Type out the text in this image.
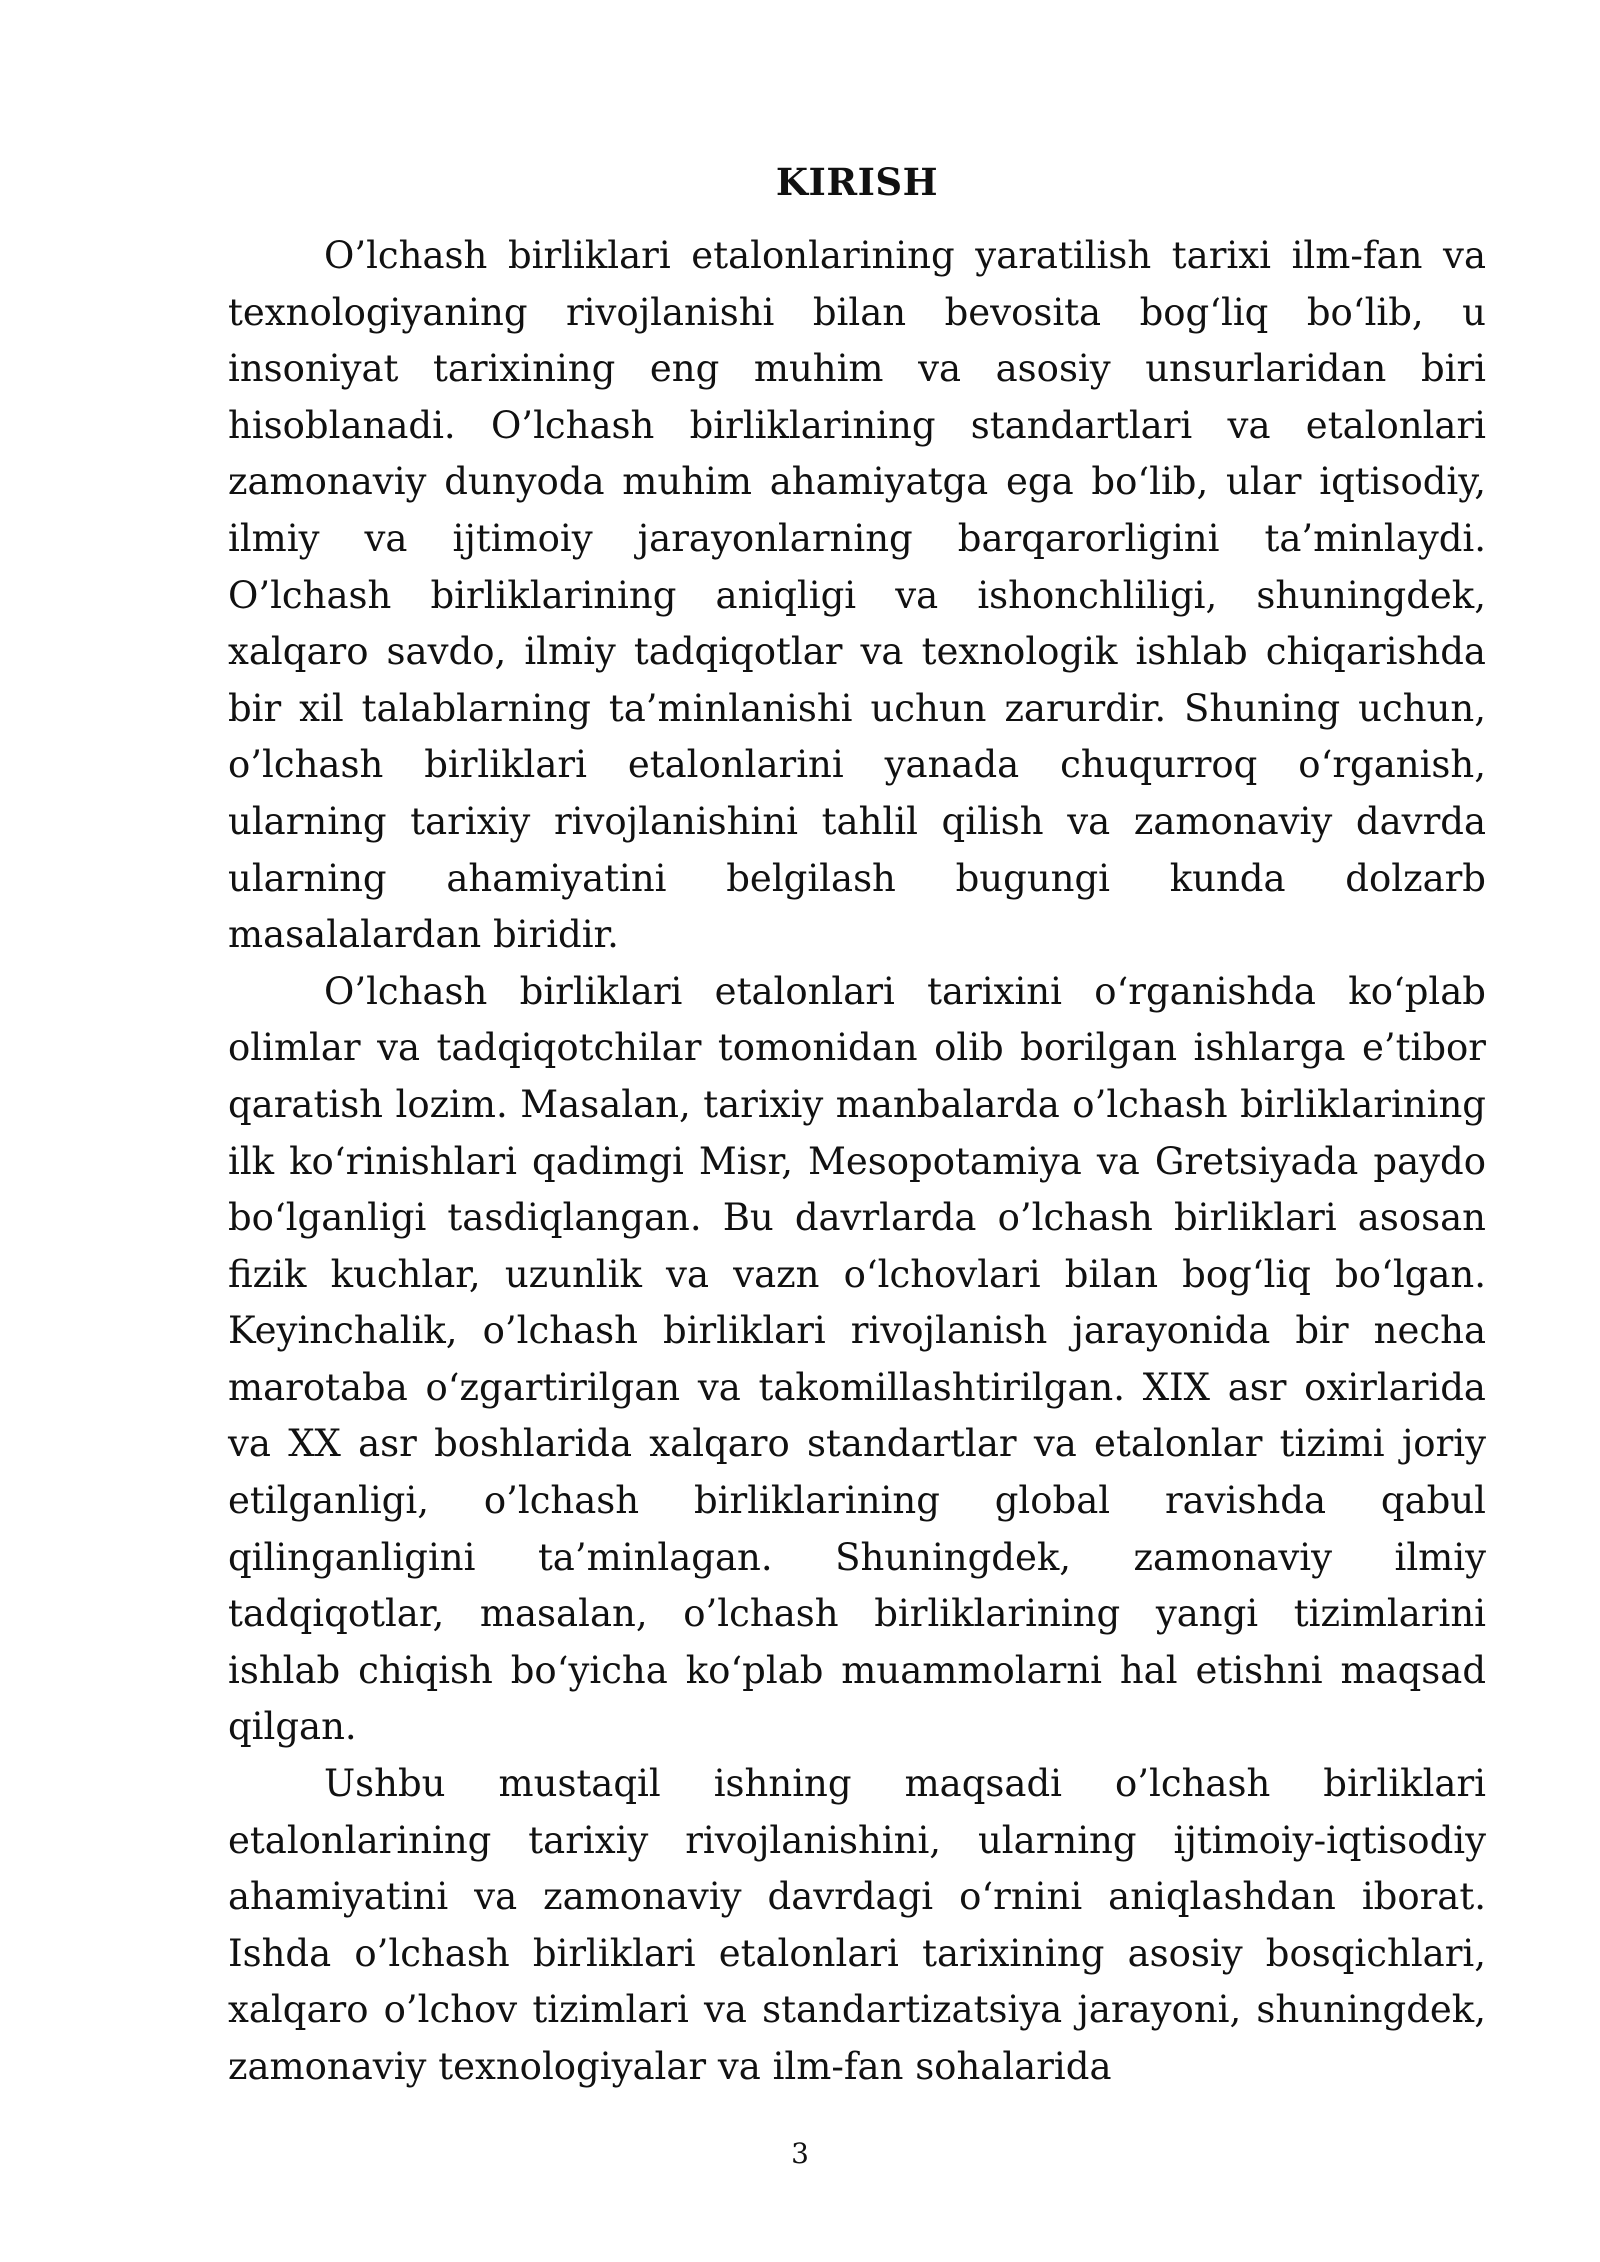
KIRISH

O’lchash birliklari etalonlarining yaratilish tarixi ilm-fan va texnologiyaning rivojlanishi bilan bevosita bog‘liq bo‘lib, u insoniyat tarixining eng muhim va asosiy unsurlaridan biri hisoblanadi. O’lchash birliklarining standartlari va etalonlari zamonaviy dunyoda muhim ahamiyatga ega bo‘lib, ular iqtisodiy, ilmiy va ijtimoiy jarayonlarning barqarorligini ta’minlaydi. O’lchash birliklarining aniqligi va ishonchliligi, shuningdek, xalqaro savdo, ilmiy tadqiqotlar va texnologik ishlab chiqarishda bir xil talablarning ta’minlanishi uchun zarurdir. Shuning uchun, o’lchash birliklari etalonlarini yanada chuqurroq o‘rganish, ularning tarixiy rivojlanishini tahlil qilish va zamonaviy davrda ularning ahamiyatini belgilash bugungi kunda dolzarb masalalardan biridir.

O’lchash birliklari etalonlari tarixini o‘rganishda ko‘plab olimlar va tadqiqotchilar tomonidan olib borilgan ishlarga e’tibor qaratish lozim. Masalan, tarixiy manbalarda o’lchash birliklarining ilk ko‘rinishlari qadimgi Misr, Mesopotamiya va Gretsiyada paydo bo‘lganligi tasdiqlangan. Bu davrlarda o’lchash birliklari asosan fizik kuchlar, uzunlik va vazn o‘lchovlari bilan bog‘liq bo‘lgan. Keyinchalik, o’lchash birliklari rivojlanish jarayonida bir necha marotaba o‘zgartirilgan va takomillashtirilgan. XIX asr oxirlarida va XX asr boshlarida xalqaro standartlar va etalonlar tizimi joriy etilganligi, o’lchash birliklarining global ravishda qabul qilinganligini ta’minlagan. Shuningdek, zamonaviy ilmiy tadqiqotlar, masalan, o’lchash birliklarining yangi tizimlarini ishlab chiqish bo‘yicha ko‘plab muammolarni hal etishni maqsad qilgan.

Ushbu mustaqil ishning maqsadi o’lchash birliklari etalonlarining tarixiy rivojlanishini, ularning ijtimoiy-iqtisodiy ahamiyatini va zamonaviy davrdagi o‘rnini aniqlashdan iborat. Ishda o’lchash birliklari etalonlari tarixining asosiy bosqichlari, xalqaro o’lchov tizimlari va standartizatsiya jarayoni, shuningdek, zamonaviy texnologiyalar va ilm-fan sohalarida

3
